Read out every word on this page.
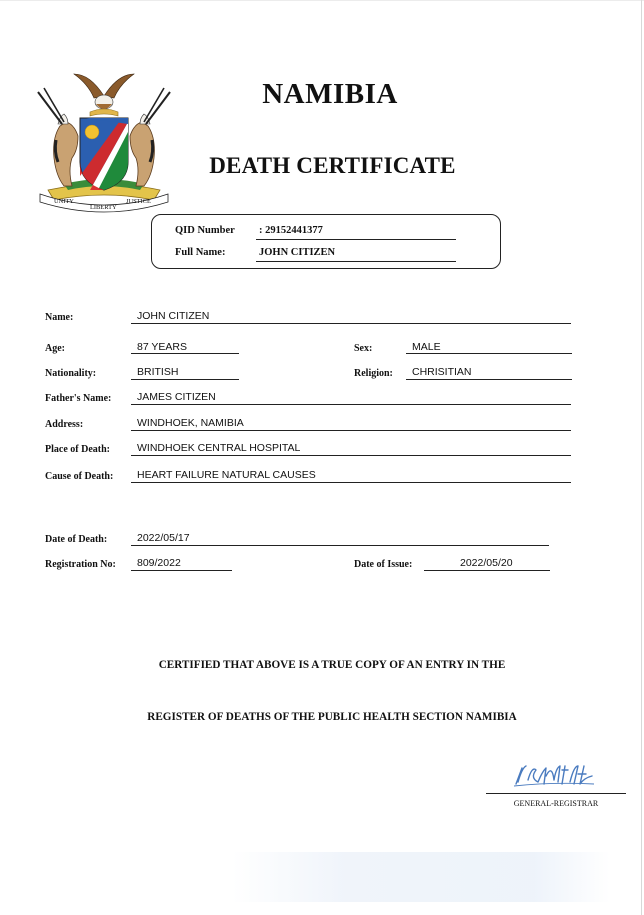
UNITY
LIBERTY
JUSTICE
NAMIBIA
DEATH CERTIFICATE
QID Number : 29152441377
Full Name:	JOHN CITIZEN
Name:	JOHN CITIZEN
Age:	87 YEARS	Sex:	MALE
Nationality:	BRITISH	Religion: CHRISITIAN
Father's Name: JAMES CITIZEN
Address:	WINDHOEK, NAMIBIA
Place of Death:	WINDHOEK CENTRAL HOSPITAL
Cause of Death: HEART FAILURE NATURAL CAUSES
Date of Death:	2022/05/17
Registration No: 809/2022	Date of Issue:	2022/05/20
CERTIFIED THAT ABOVE IS A TRUE COPY OF AN ENTRY IN THE
REGISTER OF DEATHS OF THE PUBLIC HEALTH SECTION NAMIBIA
GENERAL-REGISTRAR
